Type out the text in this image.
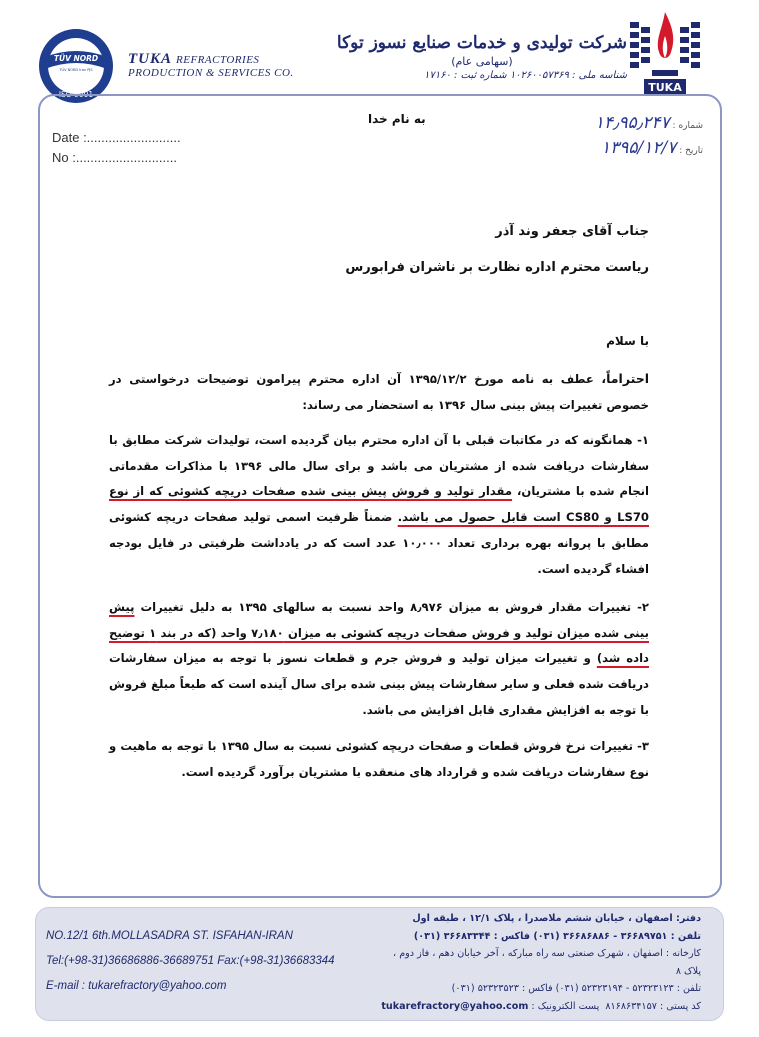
TÜV NORD
TÜV NORD Iran PJS
ISO 9001
TUKA REFRACTORIES
PRODUCTION & SERVICES CO.
شرکت تولیدی و خدمات صنایع نسوز توکا
(سهامی عام)
شناسه ملی : ۱۰۲۶۰۰۵۷۳۶۹ شماره ثبت : ۱۷۱۶۰
TUKA
Date :..........................
No :............................
به نام خدا	شماره : ۱۴٫۹۵٫۲۴۷
تاریخ : ۱۳۹۵/۱۲/۷
جناب آقای جعفر وند آذر
ریاست محترم اداره نظارت بر ناشران فرابورس
با سلام
احتراماً، عطف به نامه مورخ ۱۳۹۵/۱۲/۲ آن اداره محترم پیرامون توضیحات درخواستی در خصوص تغییرات پیش بینی سال ۱۳۹۶ به استحضار می رساند:
۱- همانگونه که در مکاتبات قبلی با آن اداره محترم بیان گردیده است، تولیدات شرکت مطابق با سفارشات دریافت شده از مشتریان می باشد و برای سال مالی ۱۳۹۶ با مذاکرات مقدماتی انجام شده با مشتریان، مقدار تولید و فروش پیش بینی شده صفحات دریچه کشوئی که از نوع LS70 و CS80 است قابل حصول می باشد. ضمناً ظرفیت اسمی تولید صفحات دریچه کشوئی مطابق با پروانه بهره برداری تعداد ۱۰٫۰۰۰ عدد است که در یادداشت ظرفیتی در فایل بودجه افشاء گردیده است.
۲- تغییرات مقدار فروش به میزان ۸٫۹۷۶ واحد نسبت به سالهای ۱۳۹۵ به دلیل تغییرات پیش بینی شده میزان تولید و فروش صفحات دریچه کشوئی به میزان ۷٫۱۸۰ واحد (که در بند ۱ توضیح داده شد) و تغییرات میزان تولید و فروش جرم و قطعات نسوز با توجه به میزان سفارشات دریافت شده فعلی و سایر سفارشات پیش بینی شده برای سال آینده است که طبعاً مبلغ فروش با توجه به افزایش مقداری قابل افزایش می باشد.
۳- تغییرات نرخ فروش قطعات و صفحات دریچه کشوئی نسبت به سال ۱۳۹۵ با توجه به ماهیت و نوع سفارشات دریافت شده و قرارداد های منعقده با مشتریان برآورد گردیده است.
NO.12/1 6th.MOLLASADRA ST. ISFAHAN-IRAN
Tel:(+98-31)36686886-36689751 Fax:(+98-31)36683344
E-mail : tukarefractory@yahoo.com
دفتر: اصفهان ، خیابان ششم ملاصدرا ، پلاک ۱۲/۱ ، طبقه اول
تلفن : ۳۶۶۸۹۷۵۱ - ۳۶۶۸۶۸۸۶ (۰۳۱) فاکس : ۳۶۶۸۳۳۴۴ (۰۳۱)
کارخانه : اصفهان ، شهرک صنعتی سه راه مبارکه ، آخر خیابان دهم ، فاز دوم ، پلاک ۸
تلفن : ۵۲۳۲۳۱۲۳ - ۵۲۳۲۳۱۹۴ (۰۳۱) فاکس : ۵۲۳۲۳۵۲۳ (۰۳۱)
کد پستی : ۸۱۶۸۶۳۴۱۵۷  پست الکترونیک : tukarefractory@yahoo.com
